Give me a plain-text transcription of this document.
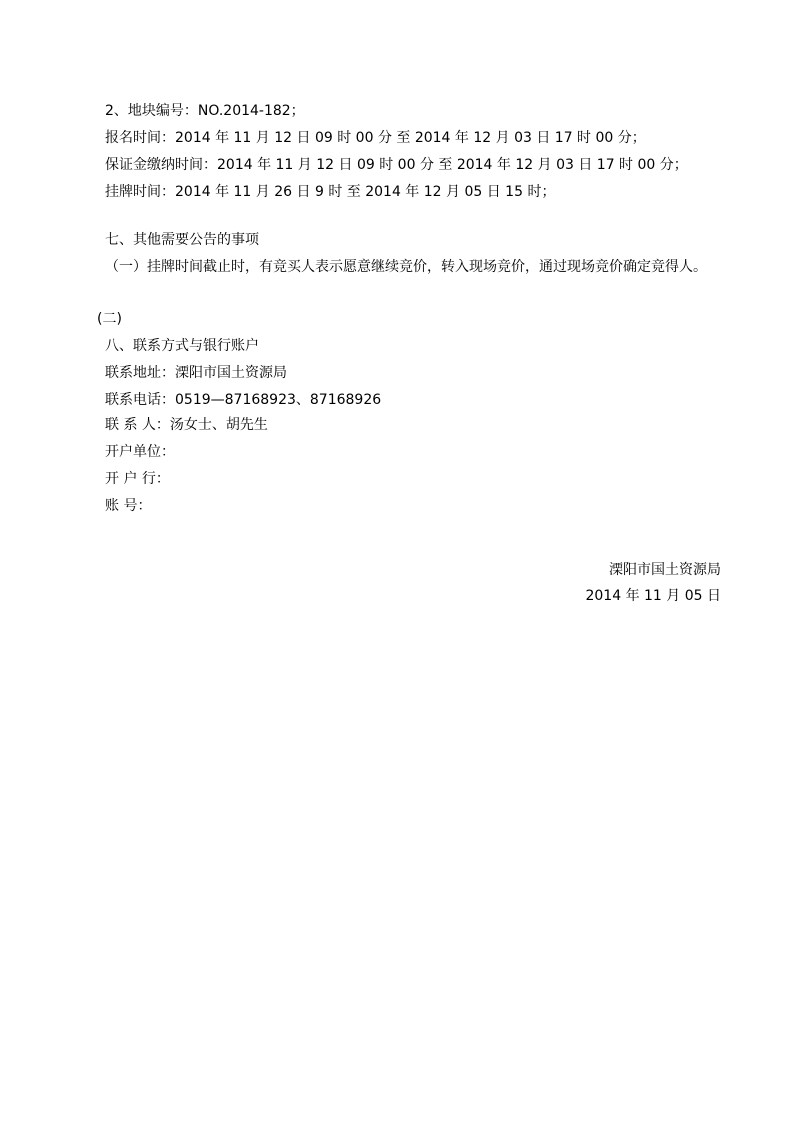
2、地块编号：NO.2014-182；
报名时间：2014 年 11 月 12 日 09 时 00 分 至 2014 年 12 月 03 日 17 时 00 分；
保证金缴纳时间：2014 年 11 月 12 日 09 时 00 分 至 2014 年 12 月 03 日 17 时 00 分；
挂牌时间：2014 年 11 月 26 日 9 时 至 2014 年 12 月 05 日 15 时；
七、其他需要公告的事项
（一）挂牌时间截止时，有竞买人表示愿意继续竞价，转入现场竞价，通过现场竞价确定竞得人。
(二)
八、联系方式与银行账户
联系地址：溧阳市国土资源局
联系电话：0519—87168923、87168926
联 系 人：汤女士、胡先生
开户单位：
开 户 行：
账 号：
溧阳市国土资源局
2014 年 11 月 05 日
